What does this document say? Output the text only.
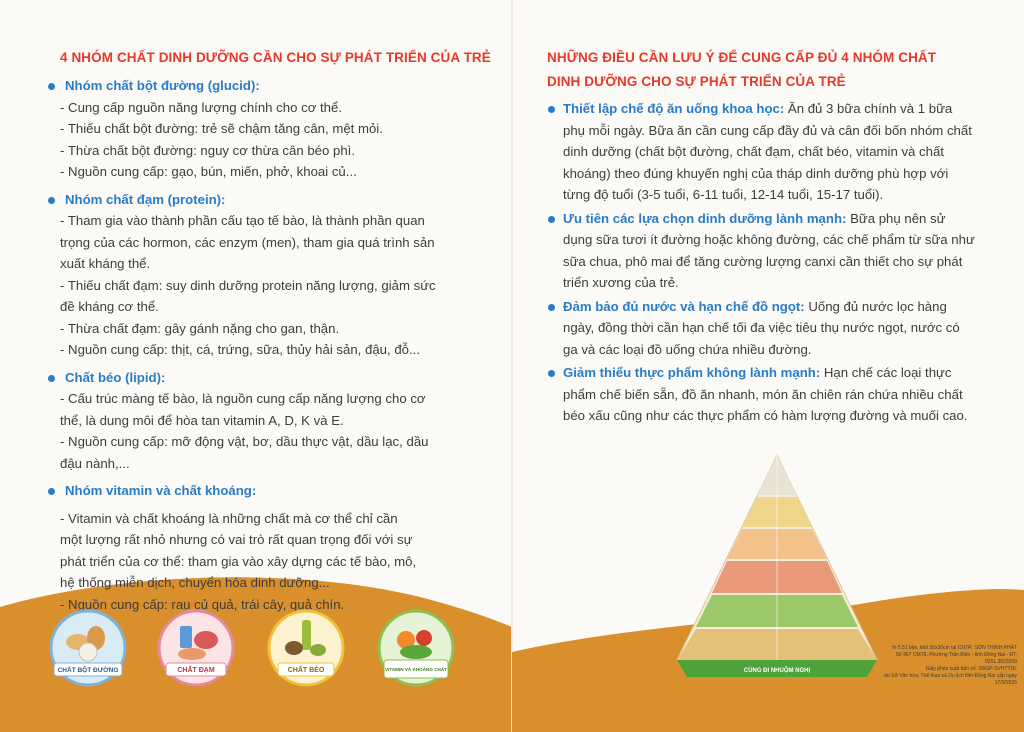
4 NHÓM CHẤT DINH DƯỠNG CẦN CHO SỰ PHÁT TRIỂN CỦA TRẺ
Nhóm chất bột đường (glucid):
- Cung cấp nguồn năng lượng chính cho cơ thể.
- Thiếu chất bột đường: trẻ sẽ chậm tăng cân, mệt mỏi.
- Thừa chất bột đường: nguy cơ thừa cân béo phì.
- Nguồn cung cấp: gạo, bún, miến, phở, khoai củ...
Nhóm chất đạm (protein):
- Tham gia vào thành phần cấu tạo tế bào, là thành phần quan
trọng của các hormon, các enzym (men), tham gia quá trình sản
xuất kháng thể.
- Thiếu chất đạm: suy dinh dưỡng protein năng lượng, giảm sức
đề kháng cơ thể.
- Thừa chất đạm: gây gánh nặng cho gan, thận.
- Nguồn cung cấp: thịt, cá, trứng, sữa, thủy hải sản, đậu, đỗ...
Chất béo (lipid):
- Cấu trúc màng tế bào, là nguồn cung cấp năng lượng cho cơ
thể, là dung môi để hòa tan vitamin A, D, K và E.
- Nguồn cung cấp: mỡ động vật, bơ, dầu thực vật, dầu lạc, dầu
đậu nành,...
Nhóm vitamin và chất khoáng:
- Vitamin và chất khoáng là những chất mà cơ thể chỉ cần
một lượng rất nhỏ nhưng có vai trò rất quan trọng đối với sự
phát triển của cơ thể: tham gia vào xây dựng các tế bào, mô,
hệ thống miễn dịch, chuyển hóa dinh dưỡng...
- Nguồn cung cấp: rau củ quả, trái cây, quả chín.
CHẤT BỘT ĐƯỜNG	CHẤT ĐẠM	CHẤT BÉO	VITAMIN VÀ KHOÁNG CHẤT
NHỮNG ĐIỀU CẦN LƯU Ý ĐỂ CUNG CẤP ĐỦ 4 NHÓM CHẤT
DINH DƯỠNG CHO SỰ PHÁT TRIỂN CỦA TRẺ
Thiết lập chế độ ăn uống khoa học: Ăn đủ 3 bữa chính và 1 bữa phụ mỗi ngày. Bữa ăn cần cung cấp đầy đủ và cân đối bốn nhóm chất dinh dưỡng (chất bột đường, chất đạm, chất béo, vitamin và chất khoáng) theo đúng khuyến nghị của tháp dinh dưỡng phù hợp với từng độ tuổi (3-5 tuổi, 6-11 tuổi, 12-14 tuổi, 15-17 tuổi).
Ưu tiên các lựa chọn dinh dưỡng lành mạnh: Bữa phụ nên sử dụng sữa tươi ít đường hoặc không đường, các chế phẩm từ sữa như sữa chua, phô mai để tăng cường lượng canxi cần thiết cho sự phát triển xương của trẻ.
Đảm bảo đủ nước và hạn chế đồ ngọt: Uống đủ nước lọc hàng ngày, đồng thời cần hạn chế tối đa việc tiêu thụ nước ngọt, nước có ga và các loại đồ uống chứa nhiều đường.
Giảm thiểu thực phẩm không lành mạnh: Hạn chế các loại thực phẩm chế biến sẵn, đồ ăn nhanh, món ăn chiên rán chứa nhiều chất béo xấu cũng như các thực phẩm có hàm lượng đường và muối cao.
CÙNG ĐI NHUỘM NGHỊ
In 5.51 bản, khổ 30x30cm tại CNTR. SƠN THỊNH PHÁT
Số 367 CMT8, Phường Trấn Biên - tỉnh Đồng Nai - ĐT: 0251.3823268
Giấy phép xuất bản số: 28/GP-SVHTTDL
do Sở Văn hóa, Thể thao và Du lịch tỉnh Đồng Nai cấp ngày 17/9/2025
